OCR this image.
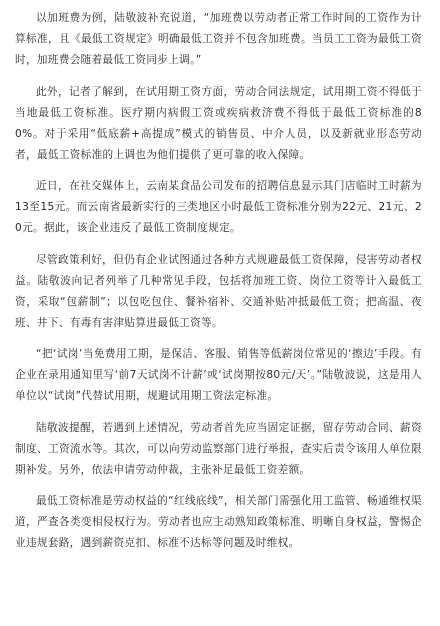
以加班费为例，陆敬波补充说道，“加班费以劳动者正常工作时间的工资作为计算标准，且《最低工资规定》明确最低工资并不包含加班费。当员工工资为最低工资时，加班费会随着最低工资同步上调。”

此外，记者了解到，在试用期工资方面，劳动合同法规定，试用期工资不得低于当地最低工资标准。医疗期内病假工资或疾病救济费不得低于最低工资标准的80%。对于采用“低底薪+高提成”模式的销售员、中介人员，以及新就业形态劳动者，最低工资标准的上调也为他们提供了更可靠的收入保障。

近日，在社交媒体上，云南某食品公司发布的招聘信息显示其门店临时工时薪为13至15元。而云南省最新实行的三类地区小时最低工资标准分别为22元、21元、20元。据此，该企业违反了最低工资制度规定。

尽管政策利好，但仍有企业试图通过各种方式规避最低工资保障，侵害劳动者权益。陆敬波向记者列举了几种常见手段，包括将加班工资、岗位工资等计入最低工资，采取“包薪制”；以包吃包住、餐补宿补、交通补贴冲抵最低工资；把高温、夜班、井下、有毒有害津贴算进最低工资等。

“把‘试岗’当免费用工期，是保洁、客服、销售等低薪岗位常见的‘擦边’手段。有企业在录用通知里写‘前7天试岗不计薪’或‘试岗期按80元/天’。”陆敬波说，这是用人单位以“试岗”代替试用期，规避试用期工资法定标准。

陆敬波提醒，若遇到上述情况，劳动者首先应当固定证据，留存劳动合同、薪资制度、工资流水等。其次，可以向劳动监察部门进行举报，查实后责令该用人单位限期补发。另外，依法申请劳动仲裁，主张补足最低工资差额。

最低工资标准是劳动权益的“红线底线”，相关部门需强化用工监管、畅通维权渠道，严查各类变相侵权行为。劳动者也应主动熟知政策标准、明晰自身权益，警惕企业违规套路，遇到薪资克扣、标准不达标等问题及时维权。
